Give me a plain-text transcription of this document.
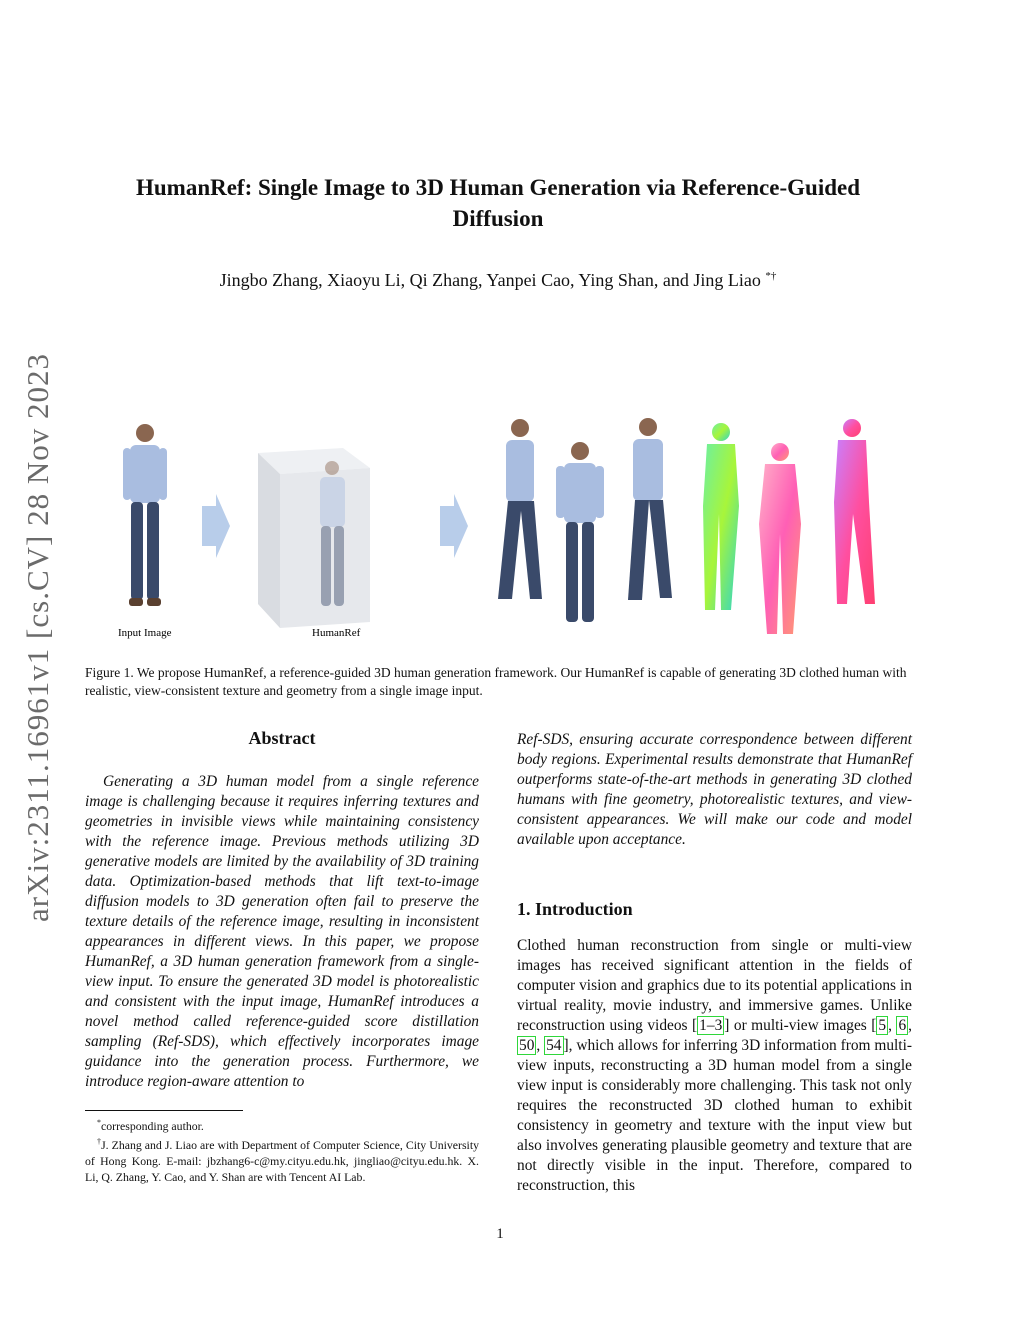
arXiv:2311.16961v1 [cs.CV] 28 Nov 2023
HumanRef: Single Image to 3D Human Generation via Reference-Guided
Diffusion
Jingbo Zhang, Xiaoyu Li, Qi Zhang, Yanpei Cao, Ying Shan, and Jing Liao *†
Input Image	HumanRef
Figure 1. We propose HumanRef, a reference-guided 3D human generation framework. Our HumanRef is capable of generating 3D clothed human with realistic, view-consistent texture and geometry from a single image input.
Abstract

Generating a 3D human model from a single reference image is challenging because it requires inferring textures and geometries in invisible views while maintaining consistency with the reference image. Previous methods utilizing 3D generative models are limited by the availability of 3D training data. Optimization-based methods that lift text-to-image diffusion models to 3D generation often fail to preserve the texture details of the reference image, resulting in inconsistent appearances in different views. In this paper, we propose HumanRef, a 3D human generation framework from a single-view input. To ensure the generated 3D model is photorealistic and consistent with the input image, HumanRef introduces a novel method called reference-guided score distillation sampling (Ref-SDS), which effectively incorporates image guidance into the generation process. Furthermore, we introduce region-aware attention to

*corresponding author.

†J. Zhang and J. Liao are with Department of Computer Science, City University of Hong Kong. E-mail: jbzhang6-c@my.cityu.edu.hk, jingliao@cityu.edu.hk. X. Li, Q. Zhang, Y. Cao, and Y. Shan are with Tencent AI Lab.

Ref-SDS, ensuring accurate correspondence between different body regions. Experimental results demonstrate that HumanRef outperforms state-of-the-art methods in generating 3D clothed humans with fine geometry, photorealistic textures, and view-consistent appearances. We will make our code and model available upon acceptance.

1. Introduction

Clothed human reconstruction from single or multi-view images has received significant attention in the fields of computer vision and graphics due to its potential applications in virtual reality, movie industry, and immersive games. Unlike reconstruction using videos [ 1–3 ] or multi-view images [ 5 , 6 , 50 , 54 ], which allows for inferring 3D information from multi-view inputs, reconstructing a 3D human model from a single view input is considerably more challenging. This task not only requires the reconstructed 3D clothed human to exhibit consistency in geometry and texture with the input view but also involves generating plausible geometry and texture that are not directly visible in the input. Therefore, compared to reconstruction, this

1
